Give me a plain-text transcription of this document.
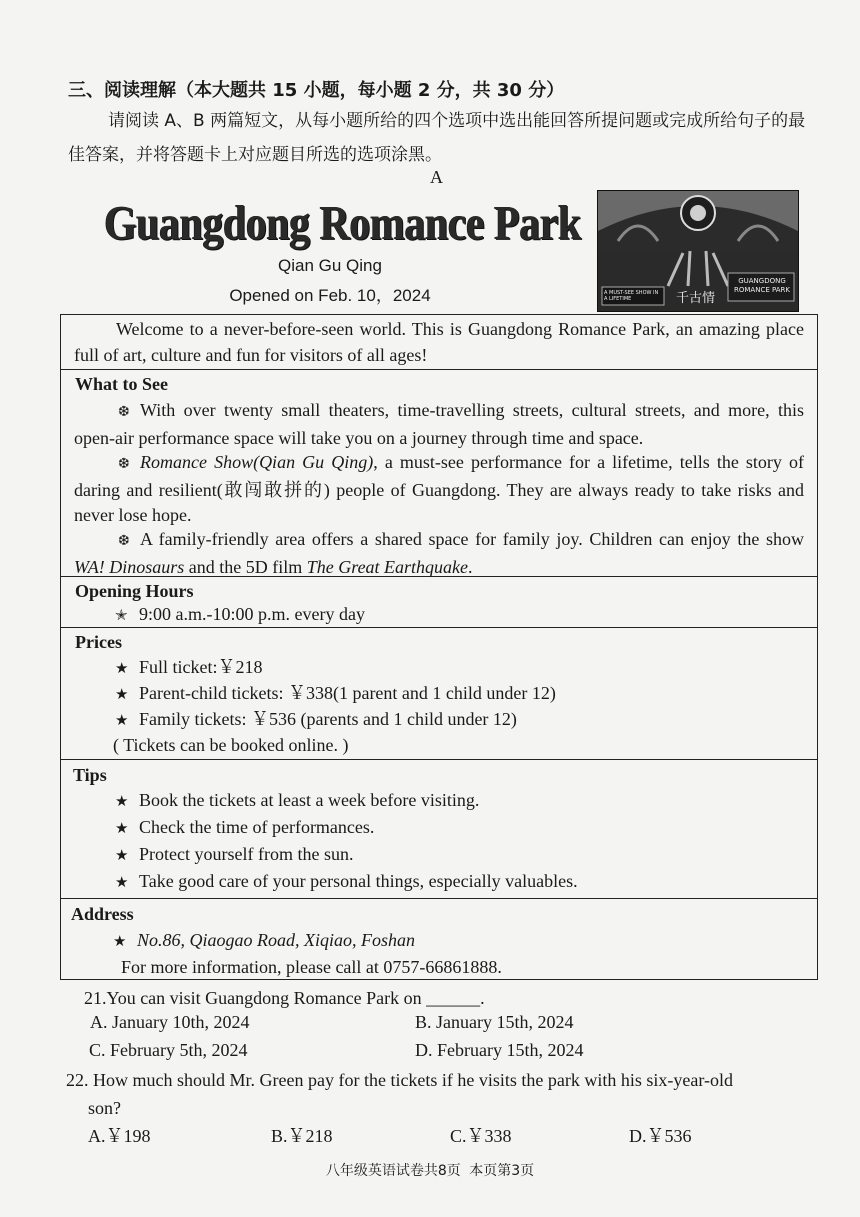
三、阅读理解（本大题共 15 小题，每小题 2 分，共 30 分）
请阅读 A、B 两篇短文，从每小题所给的四个选项中选出能回答所提问题或完成所给句子的最佳答案，并将答题卡上对应题目所选的选项涂黑。
A
Guangdong Romance Park
Qian Gu Qing
Opened on Feb. 10，2024	A MUST-SEE SHOW IN A LIFETIME	千古情
GUANGDONG ROMANCE PARK
Welcome to a never-before-seen world. This is Guangdong Romance Park, an amazing place full of art, culture and fun for visitors of all ages!
What to See
❆ With over twenty small theaters, time-travelling streets, cultural streets, and more, this open-air performance space will take you on a journey through time and space.
❆ Romance Show(Qian Gu Qing), a must-see performance for a lifetime, tells the story of daring and resilient(敢闯敢拼的) people of Guangdong. They are always ready to take risks and never lose hope.
❆ A family-friendly area offers a shared space for family joy. Children can enjoy the show WA! Dinosaurs and the 5D film The Great Earthquake.
Opening Hours
✭ 9:00 a.m.-10:00 p.m. every day
Prices
★ Full ticket:￥218
★ Parent-child tickets: ￥338(1 parent and 1 child under 12)
★ Family tickets: ￥536 (parents and 1 child under 12)
( Tickets can be booked online. )
Tips
★ Book the tickets at least a week before visiting.
★ Check the time of performances.
★ Protect yourself from the sun.
★ Take good care of your personal things, especially valuables.
Address
★ No.86, Qiaogao Road, Xiqiao, Foshan
For more information, please call at 0757-66861888.
21.You can visit Guangdong Romance Park on ______.
A. January 10th, 2024	B. January 15th, 2024
C. February 5th, 2024	D. February 15th, 2024
22. How much should Mr. Green pay for the tickets if he visits the park with his six-year-old
son?
A.￥198	B.￥218	C.￥338	D.￥536
八年级英语试卷共8页 本页第3页
